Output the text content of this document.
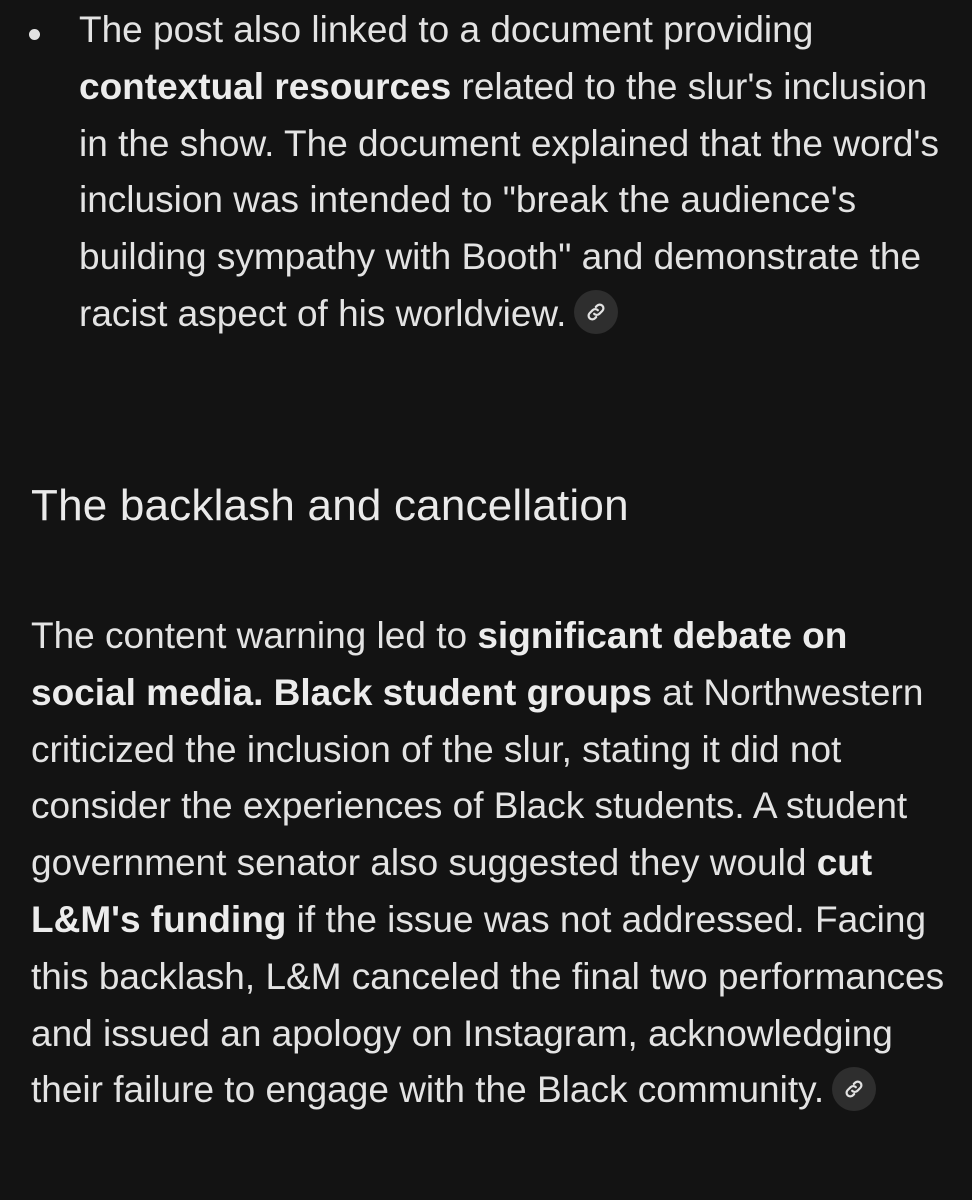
The post also linked to a document providing contextual resources related to the slur's inclusion in the show. The document explained that the word's inclusion was intended to "break the audience's building sympathy with Booth" and demonstrate the racist aspect of his worldview.

The backlash and cancellation

The content warning led to significant debate on social media. Black student groups at Northwestern criticized the inclusion of the slur, stating it did not consider the experiences of Black students. A student government senator also suggested they would cut L&M's funding if the issue was not addressed. Facing this backlash, L&M canceled the final two performances and issued an apology on Instagram, acknowledging their failure to engage with the Black community.
